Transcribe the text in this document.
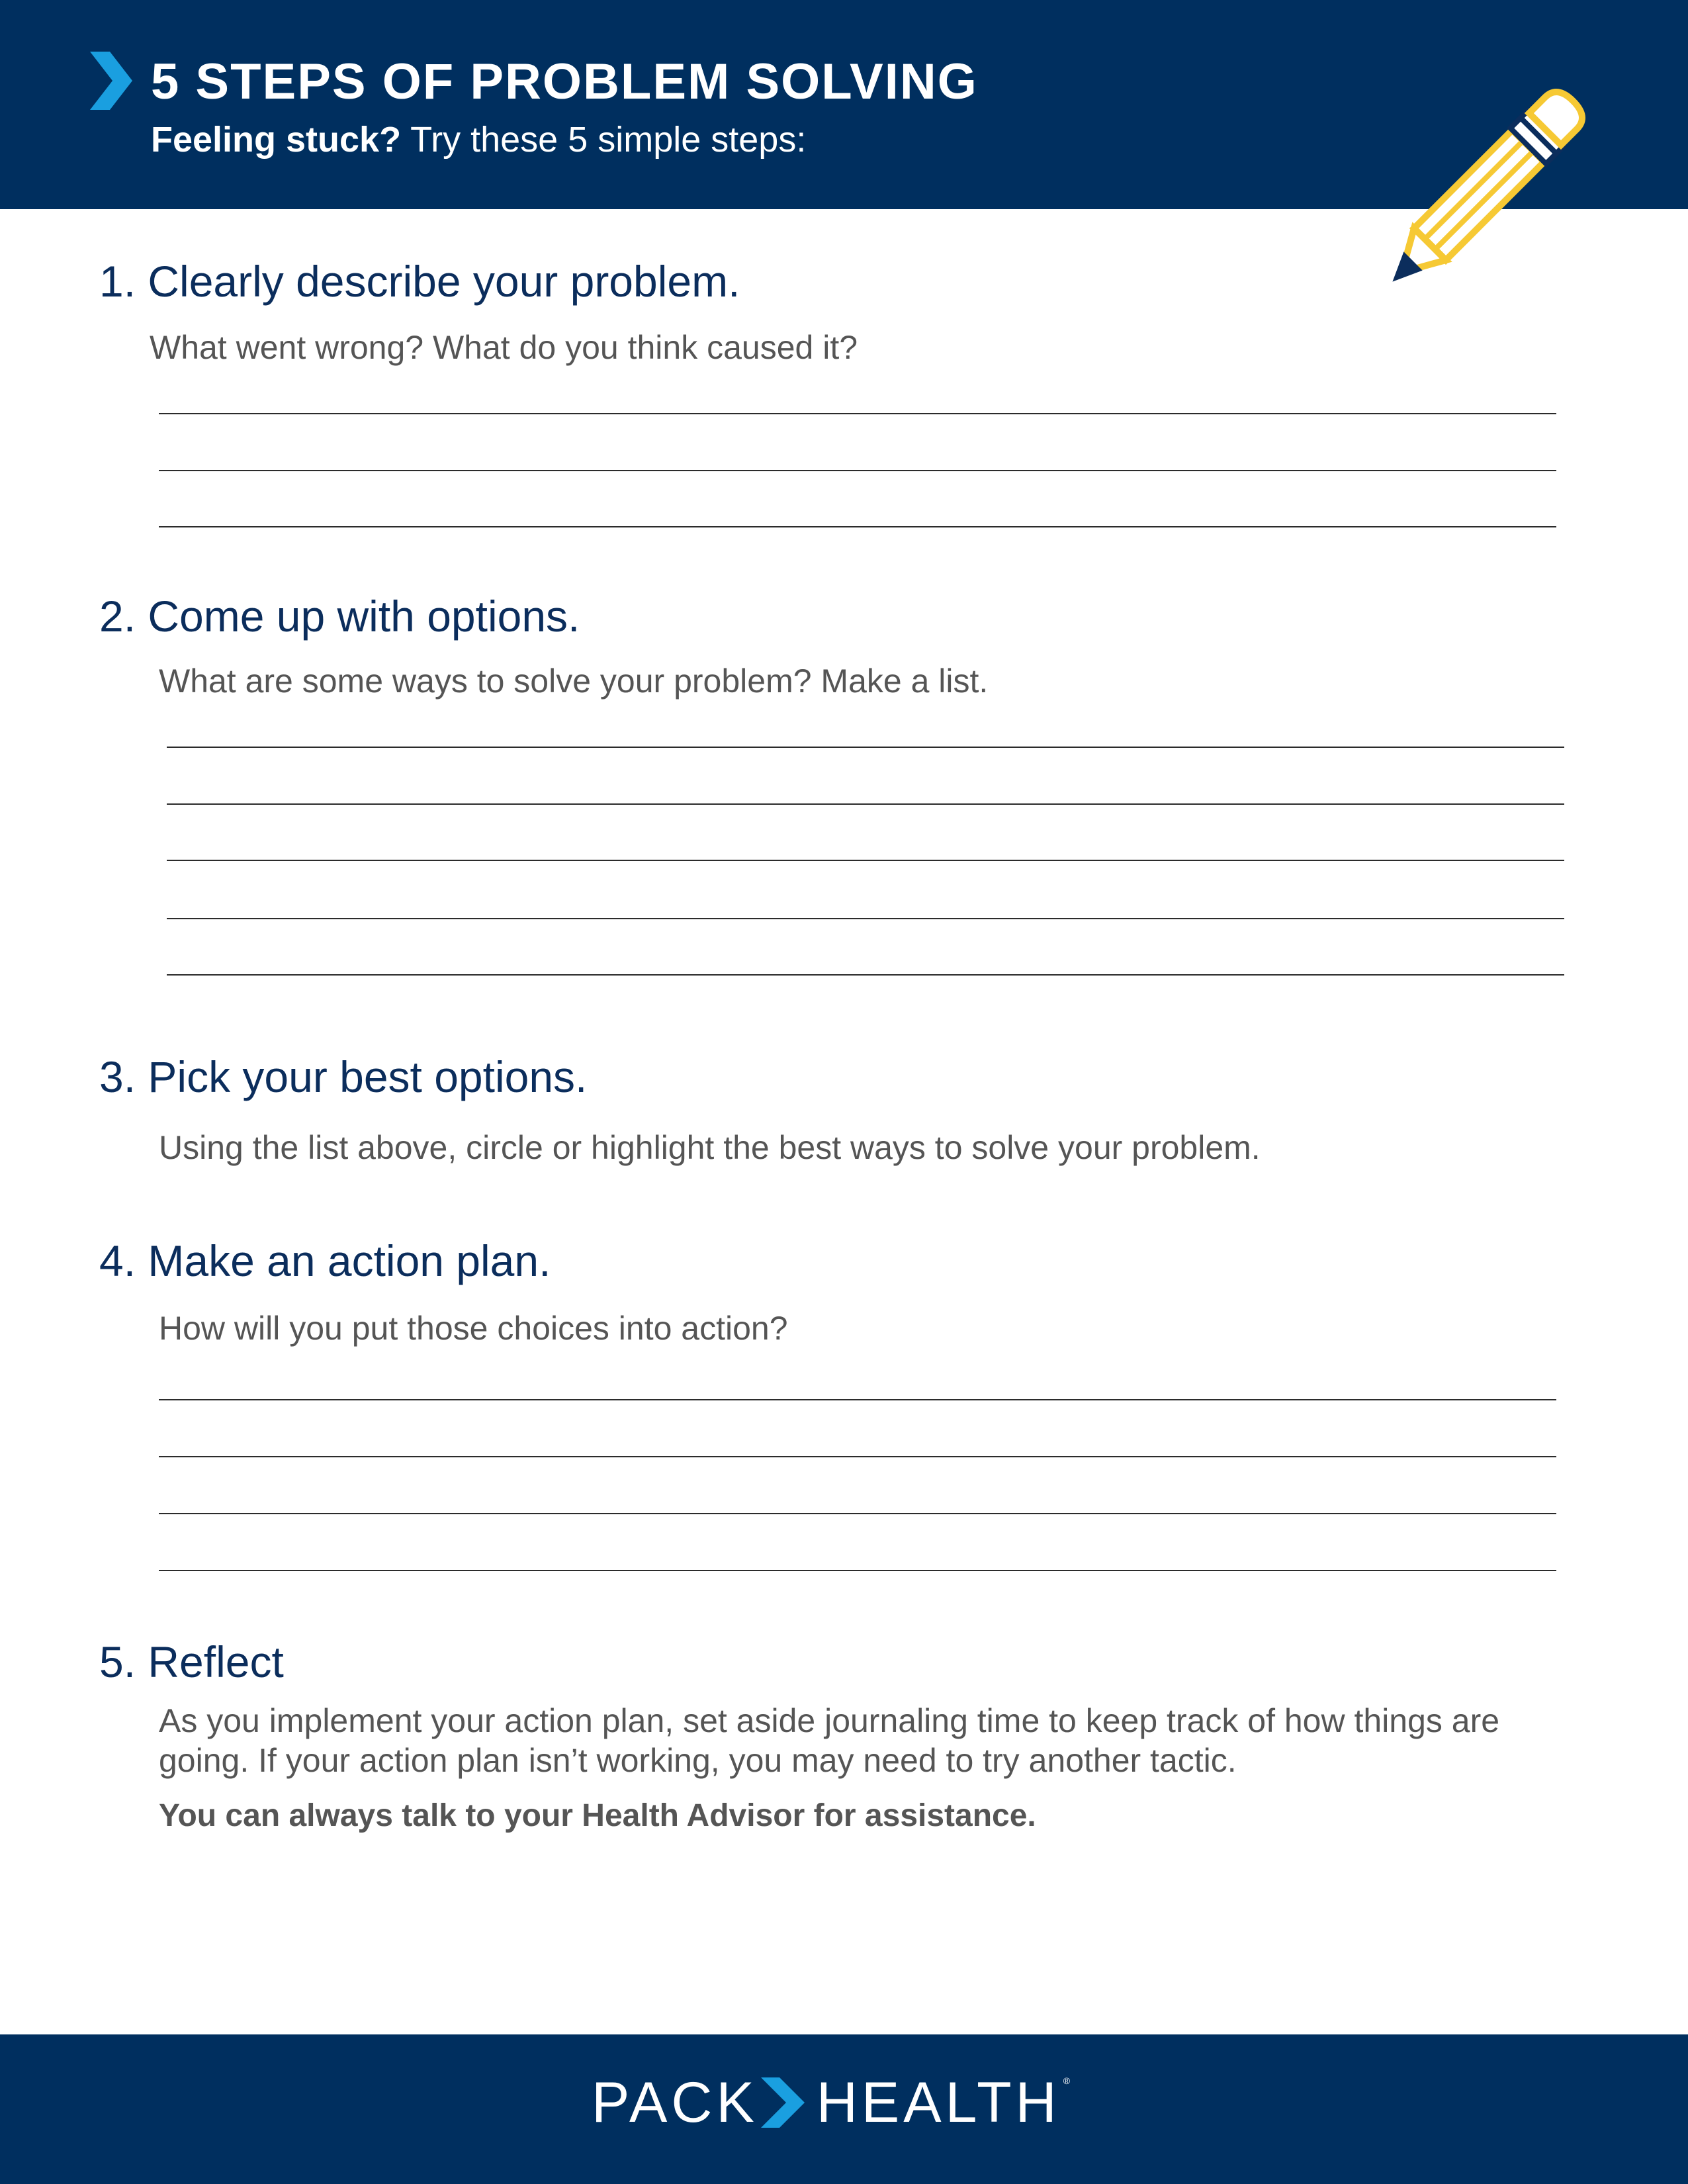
5 STEPS OF PROBLEM SOLVING
Feeling stuck? Try these 5 simple steps:
1. Clearly describe your problem.
What went wrong? What do you think caused it?
2. Come up with options.
What are some ways to solve your problem? Make a list.
3. Pick your best options.
Using the list above, circle or highlight the best ways to solve your problem.
4. Make an action plan.
How will you put those choices into action?
5. Reflect
As you implement your action plan, set aside journaling time to keep track of how things are going. If your action plan isn’t working, you may need to try another tactic.
You can always talk to your Health Advisor for assistance.
PACK HEALTH ®
